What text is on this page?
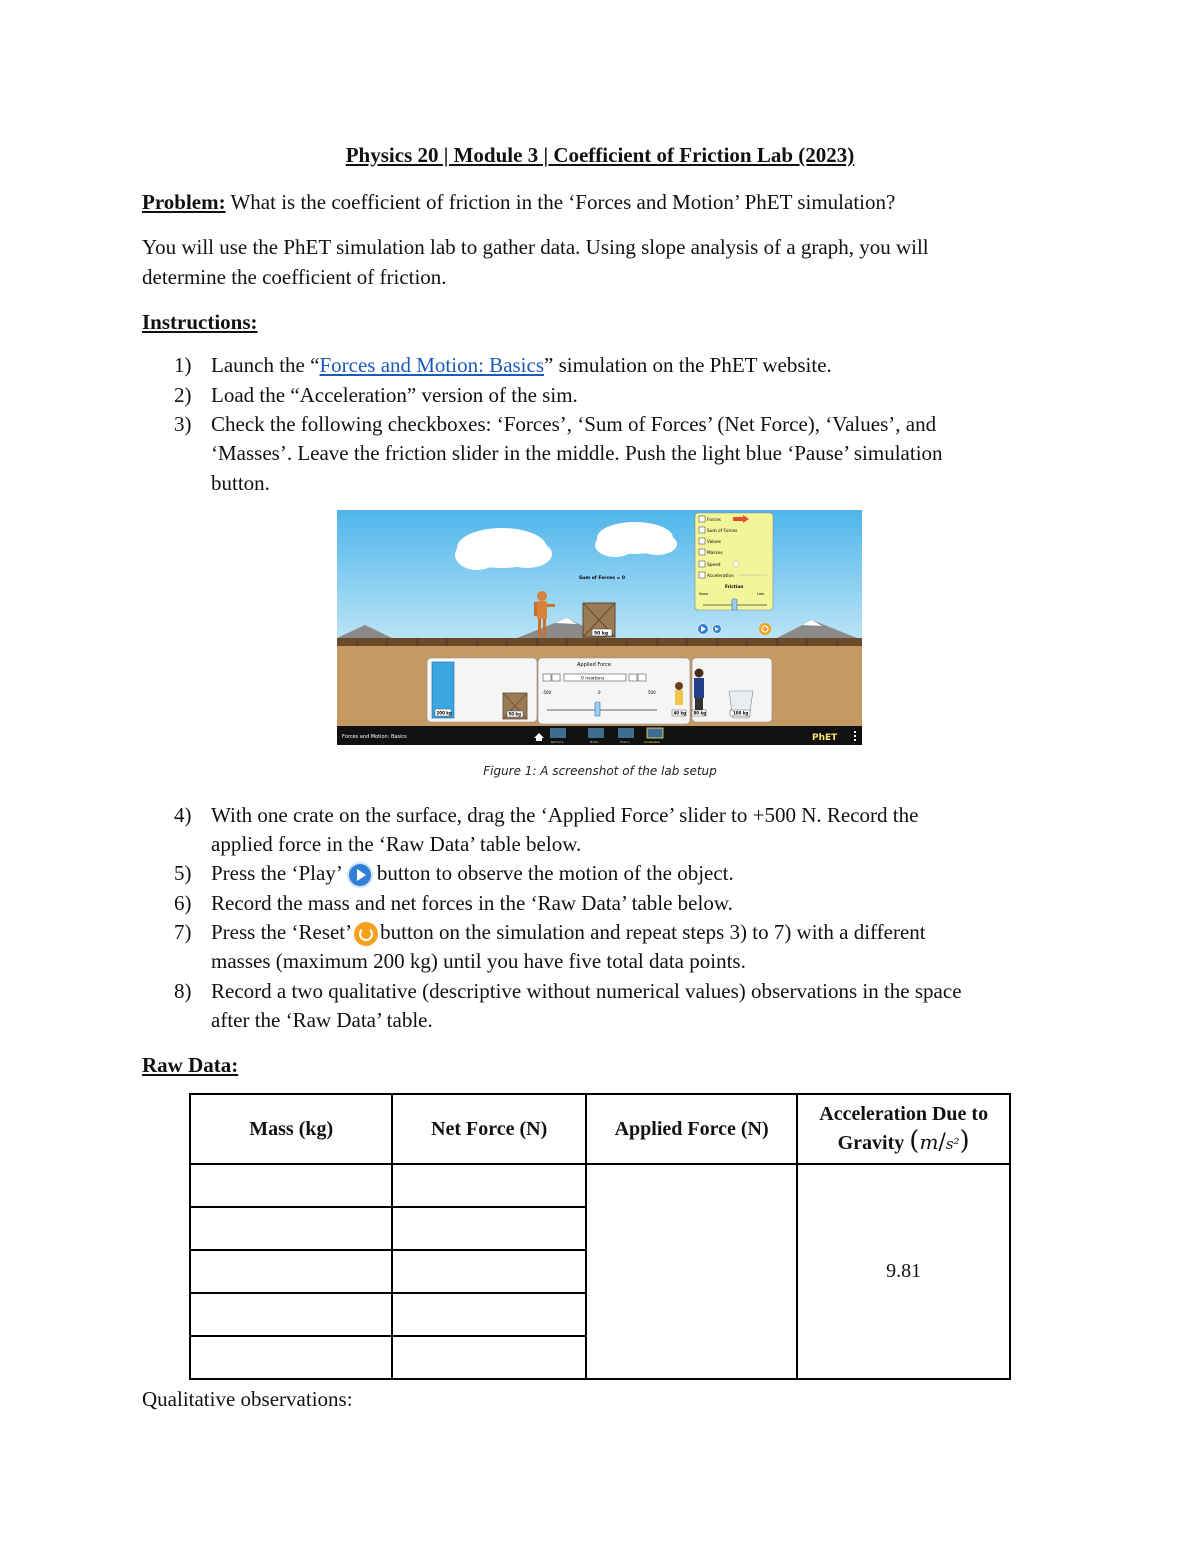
Physics 20 | Module 3 | Coefficient of Friction Lab (2023)
Problem: What is the coefficient of friction in the ‘Forces and Motion’ PhET simulation?
You will use the PhET simulation lab to gather data. Using slope analysis of a graph, you will
determine the coefficient of friction.
Instructions:
1) Launch the “Forces and Motion: Basics” simulation on the PhET website.
2) Load the “Acceleration” version of the sim.
3) Check the following checkboxes: ‘Forces’, ‘Sum of Forces’ (Net Force), ‘Values’, and
‘Masses’. Leave the friction slider in the middle. Push the light blue ‘Pause’ simulation
button.
Sum of Forces = 0
50 kg
Forces
Sum of Forces
Values
Masses
Speed
Acceleration
Friction
None	Lots
200 kg	50 kg
Applied Force
0 newtons
-500	0	500
40 kg 80 kg	100 kg
Forces and Motion: Basics
Net Force	Motion	Friction	Acceleration	PhET
Figure 1: A screenshot of the lab setup
4) With one crate on the surface, drag the ‘Applied Force’ slider to +500 N. Record the
applied force in the ‘Raw Data’ table below.
5) Press the ‘Play’ button to observe the motion of the object.
6) Record the mass and net forces in the ‘Raw Data’ table below.
7) Press the ‘Reset’ button on the simulation and repeat steps 3) to 7) with a different
masses (maximum 200 kg) until you have five total data points.
8) Record a two qualitative (descriptive without numerical values) observations in the space
after the ‘Raw Data’ table.
Raw Data:
Mass (kg)	Net Force (N)	Applied Force (N)	Acceleration Due to Gravity (m/s²)
			9.81

Qualitative observations:
